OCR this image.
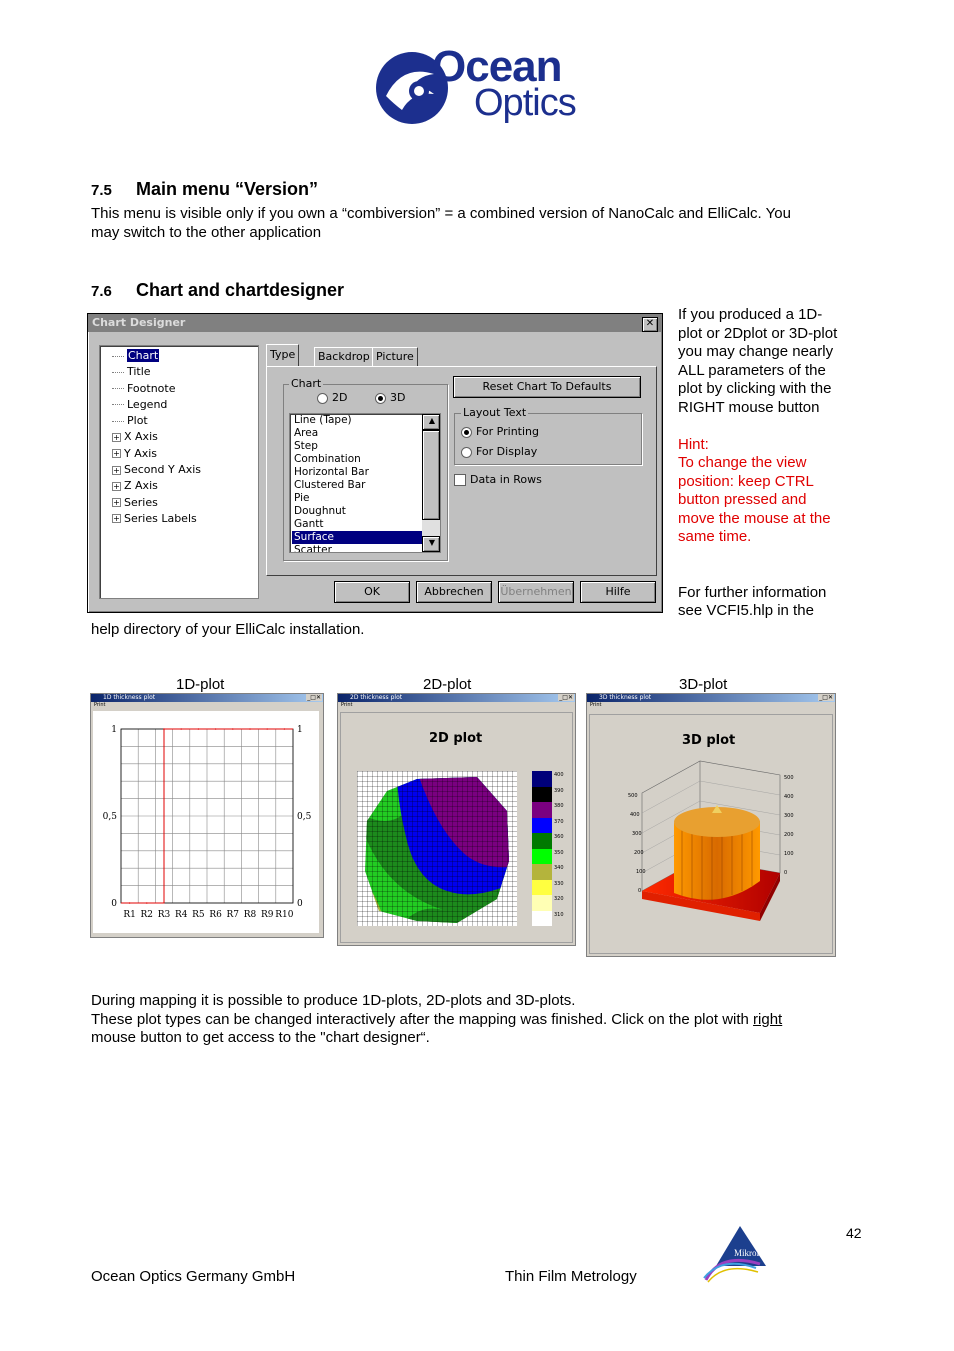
Ocean
Optics
7.5 Main menu “Version”
This menu is visible only if you own a “combiversion” = a combined version of NanoCalc and ElliCalc. You
may switch to the other application
7.6 Chart and chartdesigner
If you produced a 1D-
plot or 2Dplot or 3D-plot
you may change nearly
ALL parameters of the
plot by clicking with the
RIGHT mouse button
Hint:
To change the view
position: keep CTRL
button pressed and
move the mouse at the
same time.
For further information
see VCFI5.hlp in the
help directory of your ElliCalc installation.
Chart Designer	✕
Chart
Title
Footnote
Legend
Plot
+ X Axis
+ Y Axis
+ Second Y Axis
+ Z Axis
+ Series
+ Series Labels
Type	Backdrop Picture
Chart
2D	3D
Line (Tape)
Area
Step
Combination
Horizontal Bar
Clustered Bar
Pie
Doughnut
Gantt
Surface
Scatter
▲
▼
Reset Chart To Defaults
Layout Text
For Printing
For Display
Data in Rows
OK	Abbrechen	Übernehmen	Hilfe
1D-plot	2D-plot	3D-plot
1D thickness plot	_□✕
Print
1
0,5
0
1
0,5
0
R1 R2 R3 R4 R5 R6 R7 R8 R9 R10
2D thickness plot	_□✕
Print
2D plot
400
390
380
370
360
350
340
330
320
310
3D thickness plot	_□✕
Print
3D plot
500
400
300
200
100
0
500
400
300
200
100
0
During mapping it is possible to produce 1D-plots, 2D-plots and 3D-plots.
These plot types can be changed interactively after the mapping was finished. Click on the plot with right
mouse button to get access to the "chart designer“.
42
Ocean Optics Germany GmbH	Thin Film Metrology
MikroPack
